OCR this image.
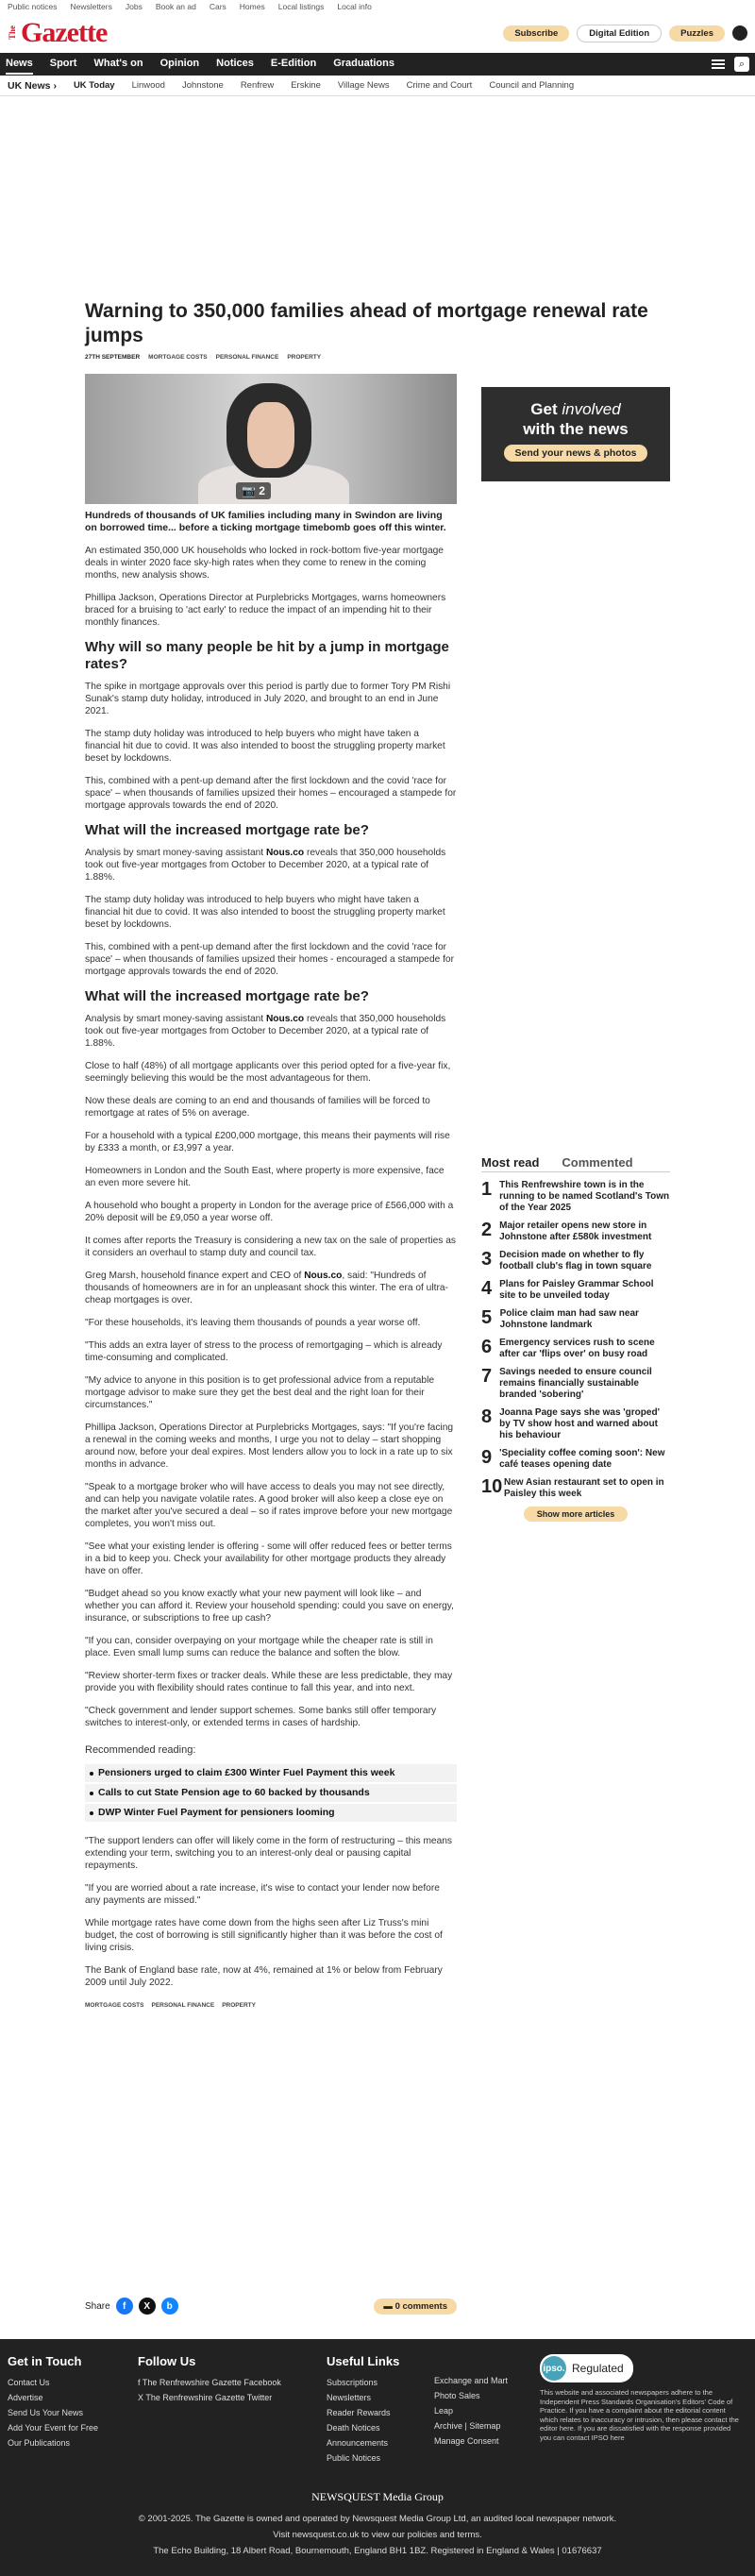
Public notices Newsletters Jobs Book an ad Cars Homes Local listings Local info
The Gazette	Subscribe	Digital Edition	Puzzles
News Sport What's on Opinion Notices E-Edition Graduations	⌕
UK News › UK Today Linwood Johnstone Renfrew Erskine Village News Crime and Court Council and Planning
Warning to 350,000 families ahead of mortgage renewal rate jumps
27TH SEPTEMBER MORTGAGE COSTS PERSONAL FINANCE PROPERTY
📷 2
Get involved
with the news
Send your news & photos

Hundreds of thousands of UK families including many in Swindon are living on borrowed time... before a ticking mortgage timebomb goes off this winter.

An estimated 350,000 UK households who locked in rock-bottom five-year mortgage deals in winter 2020 face sky-high rates when they come to renew in the coming months, new analysis shows.

Phillipa Jackson, Operations Director at Purplebricks Mortgages, warns homeowners braced for a bruising to 'act early' to reduce the impact of an impending hit to their monthly finances.

Why will so many people be hit by a jump in mortgage rates?

The spike in mortgage approvals over this period is partly due to former Tory PM Rishi Sunak's stamp duty holiday, introduced in July 2020, and brought to an end in June 2021.

The stamp duty holiday was introduced to help buyers who might have taken a financial hit due to covid. It was also intended to boost the struggling property market beset by lockdowns.

This, combined with a pent-up demand after the first lockdown and the covid 'race for space' – when thousands of families upsized their homes – encouraged a stampede for mortgage approvals towards the end of 2020.

What will the increased mortgage rate be?

Analysis by smart money-saving assistant Nous.co reveals that 350,000 households took out five-year mortgages from October to December 2020, at a typical rate of 1.88%.

The stamp duty holiday was introduced to help buyers who might have taken a financial hit due to covid. It was also intended to boost the struggling property market beset by lockdowns.

This, combined with a pent-up demand after the first lockdown and the covid 'race for space' – when thousands of families upsized their homes - encouraged a stampede for mortgage approvals towards the end of 2020.

What will the increased mortgage rate be?

Analysis by smart money-saving assistant Nous.co reveals that 350,000 households took out five-year mortgages from October to December 2020, at a typical rate of 1.88%.

Close to half (48%) of all mortgage applicants over this period opted for a five-year fix, seemingly believing this would be the most advantageous for them.

Now these deals are coming to an end and thousands of families will be forced to remortgage at rates of 5% on average.

For a household with a typical £200,000 mortgage, this means their payments will rise by £333 a month, or £3,997 a year.

Homeowners in London and the South East, where property is more expensive, face an even more severe hit.

A household who bought a property in London for the average price of £566,000 with a 20% deposit will be £9,050 a year worse off.

It comes after reports the Treasury is considering a new tax on the sale of properties as it considers an overhaul to stamp duty and council tax.

Greg Marsh, household finance expert and CEO of Nous.co, said: "Hundreds of thousands of homeowners are in for an unpleasant shock this winter. The era of ultra-cheap mortgages is over.

"For these households, it's leaving them thousands of pounds a year worse off.

"This adds an extra layer of stress to the process of remortgaging – which is already time-consuming and complicated.

"My advice to anyone in this position is to get professional advice from a reputable mortgage advisor to make sure they get the best deal and the right loan for their circumstances."

Phillipa Jackson, Operations Director at Purplebricks Mortgages, says: "If you're facing a renewal in the coming weeks and months, I urge you not to delay – start shopping around now, before your deal expires. Most lenders allow you to lock in a rate up to six months in advance.

"Speak to a mortgage broker who will have access to deals you may not see directly, and can help you navigate volatile rates. A good broker will also keep a close eye on the market after you've secured a deal – so if rates improve before your new mortgage completes, you won't miss out.

"See what your existing lender is offering - some will offer reduced fees or better terms in a bid to keep you. Check your availability for other mortgage products they already have on offer.

"Budget ahead so you know exactly what your new payment will look like – and whether you can afford it. Review your household spending: could you save on energy, insurance, or subscriptions to free up cash?

"If you can, consider overpaying on your mortgage while the cheaper rate is still in place. Even small lump sums can reduce the balance and soften the blow.

"Review shorter-term fixes or tracker deals. While these are less predictable, they may provide you with flexibility should rates continue to fall this year, and into next.

"Check government and lender support schemes. Some banks still offer temporary switches to interest-only, or extended terms in cases of hardship.

Recommended reading:
Pensioners urged to claim £300 Winter Fuel Payment this week
Calls to cut State Pension age to 60 backed by thousands
DWP Winter Fuel Payment for pensioners looming

"The support lenders can offer will likely come in the form of restructuring – this means extending your term, switching you to an interest-only deal or pausing capital repayments.

"If you are worried about a rate increase, it's wise to contact your lender now before any payments are missed."

While mortgage rates have come down from the highs seen after Liz Truss's mini budget, the cost of borrowing is still significantly higher than it was before the cost of living crisis.

The Bank of England base rate, now at 4%, remained at 1% or below from February 2009 until July 2022.

MORTGAGE COSTS PERSONAL FINANCE PROPERTY
Share	f	X	b	▬ 0 comments
Most read Commented
1 This Renfrewshire town is in the running to be named Scotland's Town of the Year 2025
2 Major retailer opens new store in Johnstone after £580k investment
3 Decision made on whether to fly football club's flag in town square
4 Plans for Paisley Grammar School site to be unveiled today
5 Police claim man had saw near Johnstone landmark
6 Emergency services rush to scene after car 'flips over' on busy road
7 Savings needed to ensure council remains financially sustainable branded 'sobering'
8 Joanna Page says she was 'groped' by TV show host and warned about his behaviour
9 'Speciality coffee coming soon': New café teases opening date
10 New Asian restaurant set to open in Paisley this week
Show more articles
Get in Touch
Contact Us
Advertise
Send Us Your News
Add Your Event for Free
Our Publications
Follow Us
f The Renfrewshire Gazette Facebook
X The Renfrewshire Gazette Twitter
Useful Links
Subscriptions
Newsletters
Reader Rewards
Death Notices
Announcements
Public Notices
Exchange and Mart
Photo Sales
Leap
Archive | Sitemap
Manage Consent
ipso. Regulated
This website and associated newspapers adhere to the Independent Press Standards Organisation's Editors' Code of Practice. If you have a complaint about the editorial content which relates to inaccuracy or intrusion, then please contact the editor here. If you are dissatisfied with the response provided you can contact IPSO here
NEWSQUEST Media Group
© 2001-2025. The Gazette is owned and operated by Newsquest Media Group Ltd, an audited local newspaper network.
Visit newsquest.co.uk to view our policies and terms.
The Echo Building, 18 Albert Road, Bournemouth, England BH1 1BZ. Registered in England & Wales | 01676637
